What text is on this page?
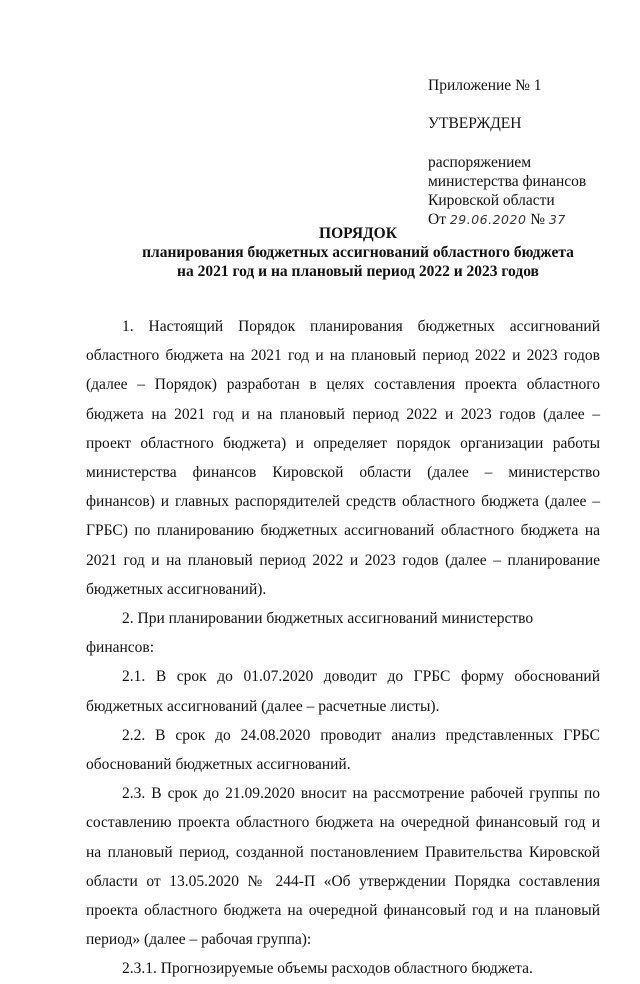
Приложение № 1
УТВЕРЖДЕН
распоряжением
министерства финансов
Кировской области
От 29.06.2020 № 37
ПОРЯДОК
планирования бюджетных ассигнований областного бюджета
на 2021 год и на плановый период 2022 и 2023 годов

1. Настоящий Порядок планирования бюджетных ассигнований областного бюджета на 2021 год и на плановый период 2022 и 2023 годов (далее – Порядок) разработан в целях составления проекта областного бюджета на 2021 год и на плановый период 2022 и 2023 годов (далее – проект областного бюджета) и определяет порядок организации работы министерства финансов Кировской области (далее – министерство финансов) и главных распорядителей средств областного бюджета (далее – ГРБС) по планированию бюджетных ассигнований областного бюджета на 2021 год и на плановый период 2022 и 2023 годов (далее – планирование бюджетных ассигнований).

2. При планировании бюджетных ассигнований министерство финансов:

2.1. В срок до 01.07.2020 доводит до ГРБС форму обоснований бюджетных ассигнований (далее – расчетные листы).

2.2. В срок до 24.08.2020 проводит анализ представленных ГРБС обоснований бюджетных ассигнований.

2.3. В срок до 21.09.2020 вносит на рассмотрение рабочей группы по составлению проекта областного бюджета на очередной финансовый год и на плановый период, созданной постановлением Правительства Кировской области от 13.05.2020 № 244-П «Об утверждении Порядка составления проекта областного бюджета на очередной финансовый год и на плановый период» (далее – рабочая группа):

2.3.1. Прогнозируемые объемы расходов областного бюджета.
